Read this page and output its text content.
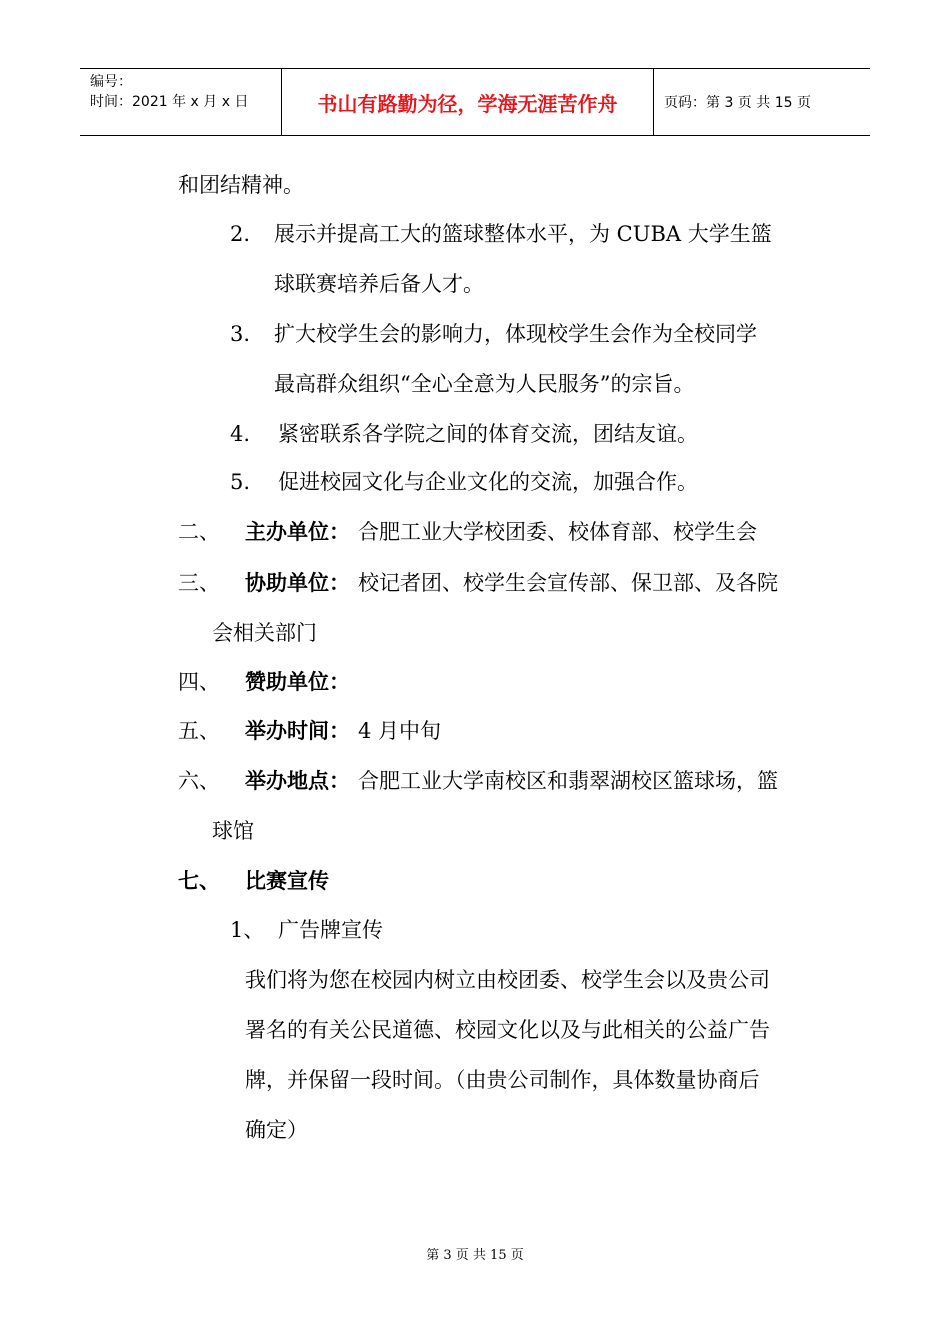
编号：
时间：2021 年 x 月 x 日	书山有路勤为径，学海无涯苦作舟	页码：第 3 页 共 15 页
和团结精神。
2. 展示并提高工大的篮球整体水平，为 CUBA 大学生篮
球联赛培养后备人才。
3. 扩大校学生会的影响力，体现校学生会作为全校同学
最高群众组织“全心全意为人民服务”的宗旨。
4. 紧密联系各学院之间的体育交流，团结友谊。
5. 促进校园文化与企业文化的交流，加强合作。
二、 主办单位： 合肥工业大学校团委、校体育部、校学生会
三、 协助单位： 校记者团、校学生会宣传部、保卫部、及各院
会相关部门
四、 赞助单位：
五、 举办时间： 4 月中旬
六、 举办地点： 合肥工业大学南校区和翡翠湖校区篮球场，篮
球馆
七、 比赛宣传
1、 广告牌宣传
我们将为您在校园内树立由校团委、校学生会以及贵公司
署名的有关公民道德、校园文化以及与此相关的公益广告
牌，并保留一段时间。（由贵公司制作，具体数量协商后
确定）
第 3 页 共 15 页
